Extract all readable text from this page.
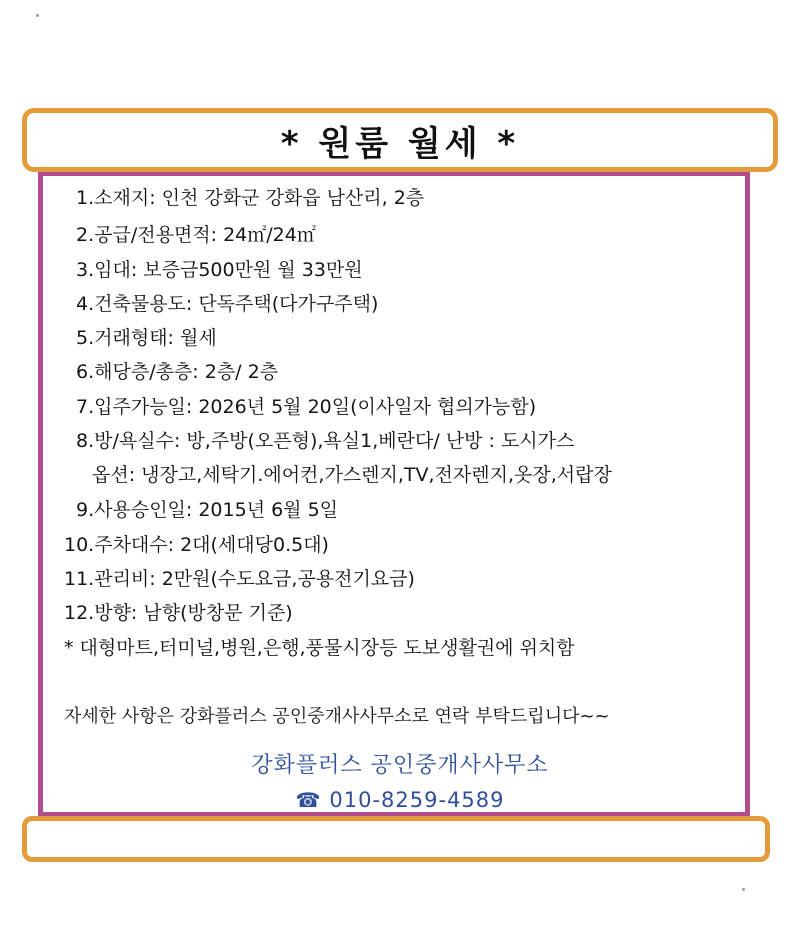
* 원룸 월세 *
1.소재지: 인천 강화군 강화읍 남산리, 2층
2.공급/전용면적: 24㎡/24㎡
3.임대: 보증금500만원 월 33만원
4.건축물용도: 단독주택(다가구주택)
5.거래형태: 월세
6.해당층/총층: 2층/ 2층
7.입주가능일: 2026년 5월 20일(이사일자 협의가능함)
8.방/욕실수: 방,주방(오픈형),욕실1,베란다/ 난방 : 도시가스
옵션: 냉장고,세탁기.에어컨,가스렌지,TV,전자렌지,옷장,서랍장
9.사용승인일: 2015년 6월 5일
10.주차대수: 2대(세대당0.5대)
11.관리비: 2만원(수도요금,공용전기요금)
12.방향: 남향(방창문 기준)
* 대형마트,터미널,병원,은행,풍물시장등 도보생활권에 위치함
자세한 사항은 강화플러스 공인중개사사무소로 연락 부탁드립니다~~
강화플러스 공인중개사사무소
☎ 010-8259-4589
